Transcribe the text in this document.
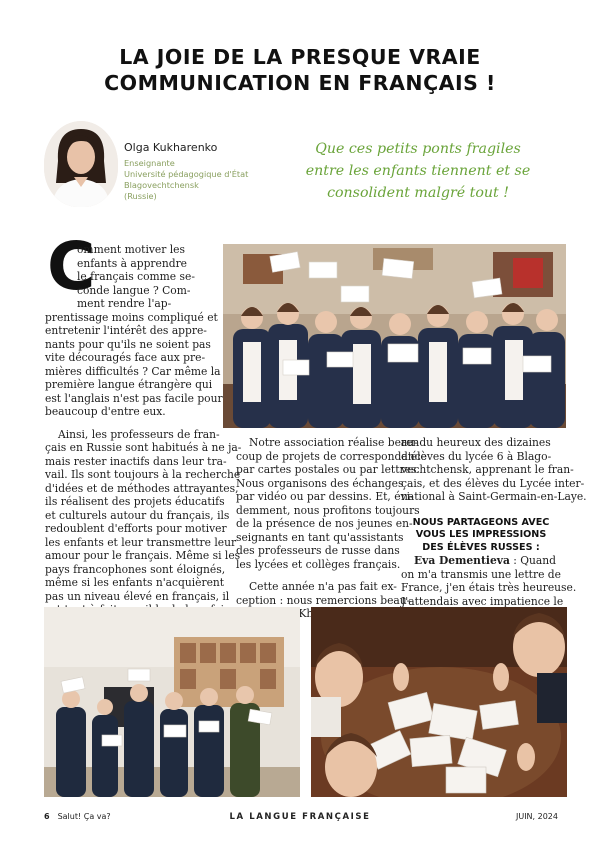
LA JOIE DE LA PRESQUE VRAIE
COMMUNICATION EN FRANÇAIS !
Olga Kukharenko
Enseignante
Université pédagogique d'État
Blagovechtchensk
(Russie)
Que ces petits ponts fragiles
entre les enfants tiennent et se
consolident malgré tout !
C

omment motiver les

enfants à apprendre

le français comme se-

conde langue ? Com-

ment rendre l'ap-

prentissage moins compliqué et

entretenir l'intérêt des appre-

nants pour qu'ils ne soient pas

vite découragés face aux pre-

mières difficultés ? Car même la

première langue étrangère qui

est l'anglais n'est pas facile pour

beaucoup d'entre eux.

Ainsi, les professeurs de fran-

çais en Russie sont habitués à ne ja-

mais rester inactifs dans leur tra-

vail. Ils sont toujours à la recherche

d'idées et de méthodes attrayantes,

ils réalisent des projets éducatifs

et culturels autour du français, ils

redoublent d'efforts pour motiver

les enfants et leur transmettre leur

amour pour le français. Même si les

pays francophones sont éloignés,

même si les enfants n'acquièrent

pas un niveau élevé en français, il

Notre association réalise beau-

coup de projets de correspondance

par cartes postales ou par lettres.

Nous organisons des échanges

par vidéo ou par dessins. Et, évi-

demment, nous profitons toujours

de la présence de nos jeunes en-

seignants en tant qu'assistants

des professeurs de russe dans

les lycées et collèges français.

Cette année n'a pas fait ex-

ception : nous remercions beau-

rendu heureux des dizaines

d'élèves du lycée 6 à Blago-

vechtchensk, apprenant le fran-

çais, et des élèves du Lycée inter-

national à Saint-Germain-en-Laye.

NOUS PARTAGEONS AVEC
VOUS LES IMPRESSIONS
DES ÉLÈVES RUSSES :

Eva Dementieva : Quand

on m'a transmis une lettre de

France, j'en étais très heureuse.

J'attendais avec impatience le

6 Salut! Ça va?	LA LANGUE FRANÇAISE	JUIN, 2024
